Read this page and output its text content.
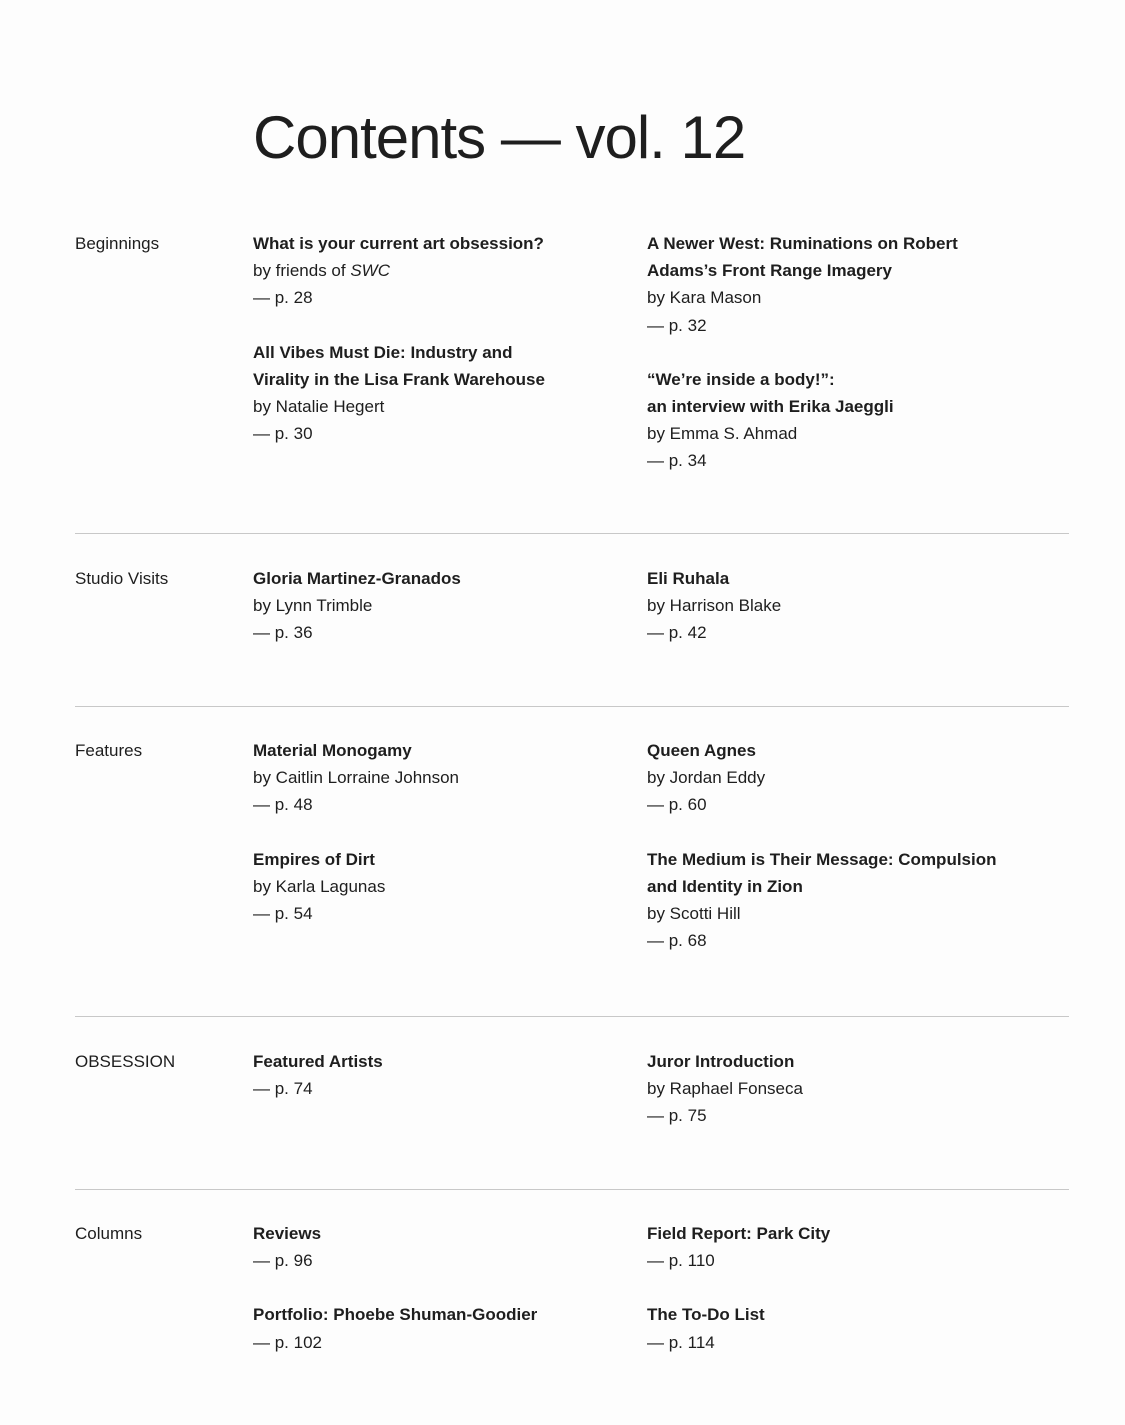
Contents — vol. 12
Beginnings	What is your current art obsession?
by friends of SWC
— p. 28
All Vibes Must Die: Industry and
Virality in the Lisa Frank Warehouse
by Natalie Hegert
— p. 30
A Newer West: Ruminations on Robert
Adams’s Front Range Imagery
by Kara Mason
— p. 32
“We’re inside a body!”:
an interview with Erika Jaeggli
by Emma S. Ahmad
— p. 34
Studio Visits	Gloria Martinez-Granados
by Lynn Trimble
— p. 36
Eli Ruhala
by Harrison Blake
— p. 42
Features	Material Monogamy
by Caitlin Lorraine Johnson
— p. 48
Empires of Dirt
by Karla Lagunas
— p. 54
Queen Agnes
by Jordan Eddy
— p. 60
The Medium is Their Message: Compulsion
and Identity in Zion
by Scotti Hill
— p. 68
OBSESSION	Featured Artists
— p. 74
Juror Introduction
by Raphael Fonseca
— p. 75
Columns	Reviews
— p. 96
Portfolio: Phoebe Shuman-Goodier
— p. 102
Field Report: Park City
— p. 110
The To-Do List
— p. 114
